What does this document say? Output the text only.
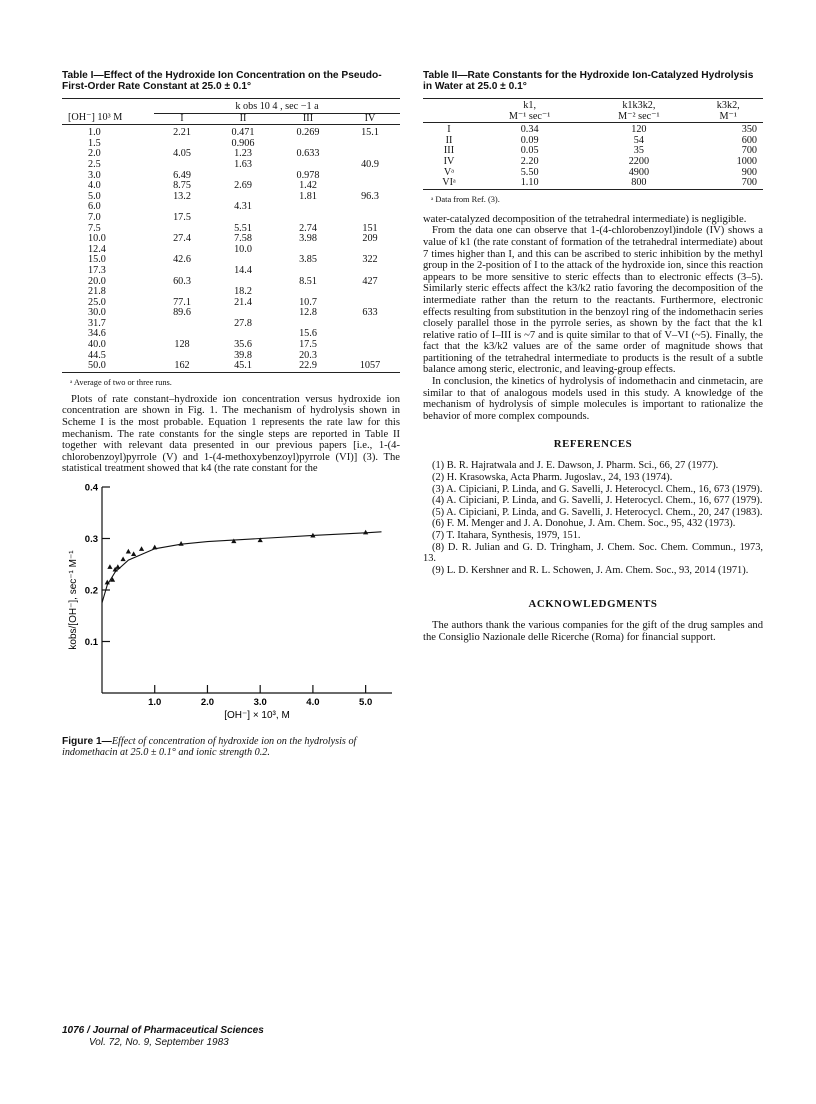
Table I—Effect of the Hydroxide Ion Concentration on the Pseudo-First-Order Rate Constant at 25.0 ± 0.1°
	k obs 10 4 , sec −1 a			
[OH⁻] 10³ M	I	II	III	IV
1.0	2.21	0.471	0.269	15.1
1.5		0.906		
2.0	4.05	1.23	0.633	
2.5		1.63		40.9
3.0	6.49		0.978	
4.0	8.75	2.69	1.42	
5.0	13.2		1.81	96.3
6.0		4.31		
7.0	17.5			
7.5		5.51	2.74	151
10.0	27.4	7.58	3.98	209
12.4		10.0		
15.0	42.6		3.85	322
17.3		14.4		
20.0	60.3		8.51	427
21.8		18.2		
25.0	77.1	21.4	10.7	
30.0	89.6		12.8	633
31.7		27.8		
34.6			15.6	
40.0	128	35.6	17.5	
44.5		39.8	20.3	
50.0	162	45.1	22.9	1057
ᵃ Average of two or three runs.

Plots of rate constant–hydroxide ion concentration versus hydroxide ion concentration are shown in Fig. 1. The mechanism of hydrolysis shown in Scheme I is the most probable. Equation 1 represents the rate law for this mechanism. The rate constants for the single steps are reported in Table II together with relevant data presented in our previous papers [i.e., 1-(4-chlorobenzoyl)pyrrole (V) and 1-(4-methoxybenzoyl)pyrrole (VI)] (3). The statistical treatment showed that k4 (the rate constant for the

1.0	2.0	3.0	4.0	5.0
0.1
0.2
0.3
0.4
[OH⁻] × 10³, M
kobs/[OH⁻], sec⁻¹ M⁻¹
Figure 1—Effect of concentration of hydroxide ion on the hydrolysis of indomethacin at 25.0 ± 0.1° and ionic strength 0.2.
Table II—Rate Constants for the Hydroxide Ion-Catalyzed Hydrolysis in Water at 25.0 ± 0.1°
	k1,	k1k3k2,	k3k2,
	M⁻¹ sec⁻¹	M⁻² sec⁻¹	M⁻¹
I	0.34	120	350
II	0.09	54	600
III	0.05	35	700
IV	2.20	2200	1000
Vᵃ	5.50	4900	900
VIᵃ	1.10	800	700
ᵃ Data from Ref. (3).

water-catalyzed decomposition of the tetrahedral intermediate) is negligible.

From the data one can observe that 1-(4-chlorobenzoyl)indole (IV) shows a value of k1 (the rate constant of formation of the tetrahedral intermediate) about 7 times higher than I, and this can be ascribed to steric inhibition by the methyl group in the 2-position of I to the attack of the hydroxide ion, since this reaction appears to be more sensitive to steric effects than to electronic effects (3–5). Similarly steric effects affect the k3/k2 ratio favoring the decomposition of the intermediate rather than the return to the reactants. Furthermore, electronic effects resulting from substitution in the benzoyl ring of the indomethacin series closely parallel those in the pyrrole series, as shown by the fact that the k1 relative ratio of I–III is ~7 and is quite similar to that of V–VI (~5). Finally, the fact that the k3/k2 values are of the same order of magnitude shows that partitioning of the tetrahedral intermediate to products is the result of a subtle balance among steric, electronic, and leaving-group effects.

In conclusion, the kinetics of hydrolysis of indomethacin and cinmetacin, are similar to that of analogous models used in this study. A knowledge of the mechanism of hydrolysis of simple molecules is important to rationalize the behavior of more complex compounds.

REFERENCES

(1) B. R. Hajratwala and J. E. Dawson, J. Pharm. Sci., 66, 27 (1977).

(2) H. Krasowska, Acta Pharm. Jugoslav., 24, 193 (1974).

(3) A. Cipiciani, P. Linda, and G. Savelli, J. Heterocycl. Chem., 16, 673 (1979).

(4) A. Cipiciani, P. Linda, and G. Savelli, J. Heterocycl. Chem., 16, 677 (1979).

(5) A. Cipiciani, P. Linda, and G. Savelli, J. Heterocycl. Chem., 20, 247 (1983).

(6) F. M. Menger and J. A. Donohue, J. Am. Chem. Soc., 95, 432 (1973).

(7) T. Itahara, Synthesis, 1979, 151.

(8) D. R. Julian and G. D. Tringham, J. Chem. Soc. Chem. Commun., 1973, 13.

(9) L. D. Kershner and R. L. Schowen, J. Am. Chem. Soc., 93, 2014 (1971).

ACKNOWLEDGMENTS

The authors thank the various companies for the gift of the drug samples and the Consiglio Nazionale delle Ricerche (Roma) for financial support.

1076 / Journal of Pharmaceutical Sciences
Vol. 72, No. 9, September 1983
